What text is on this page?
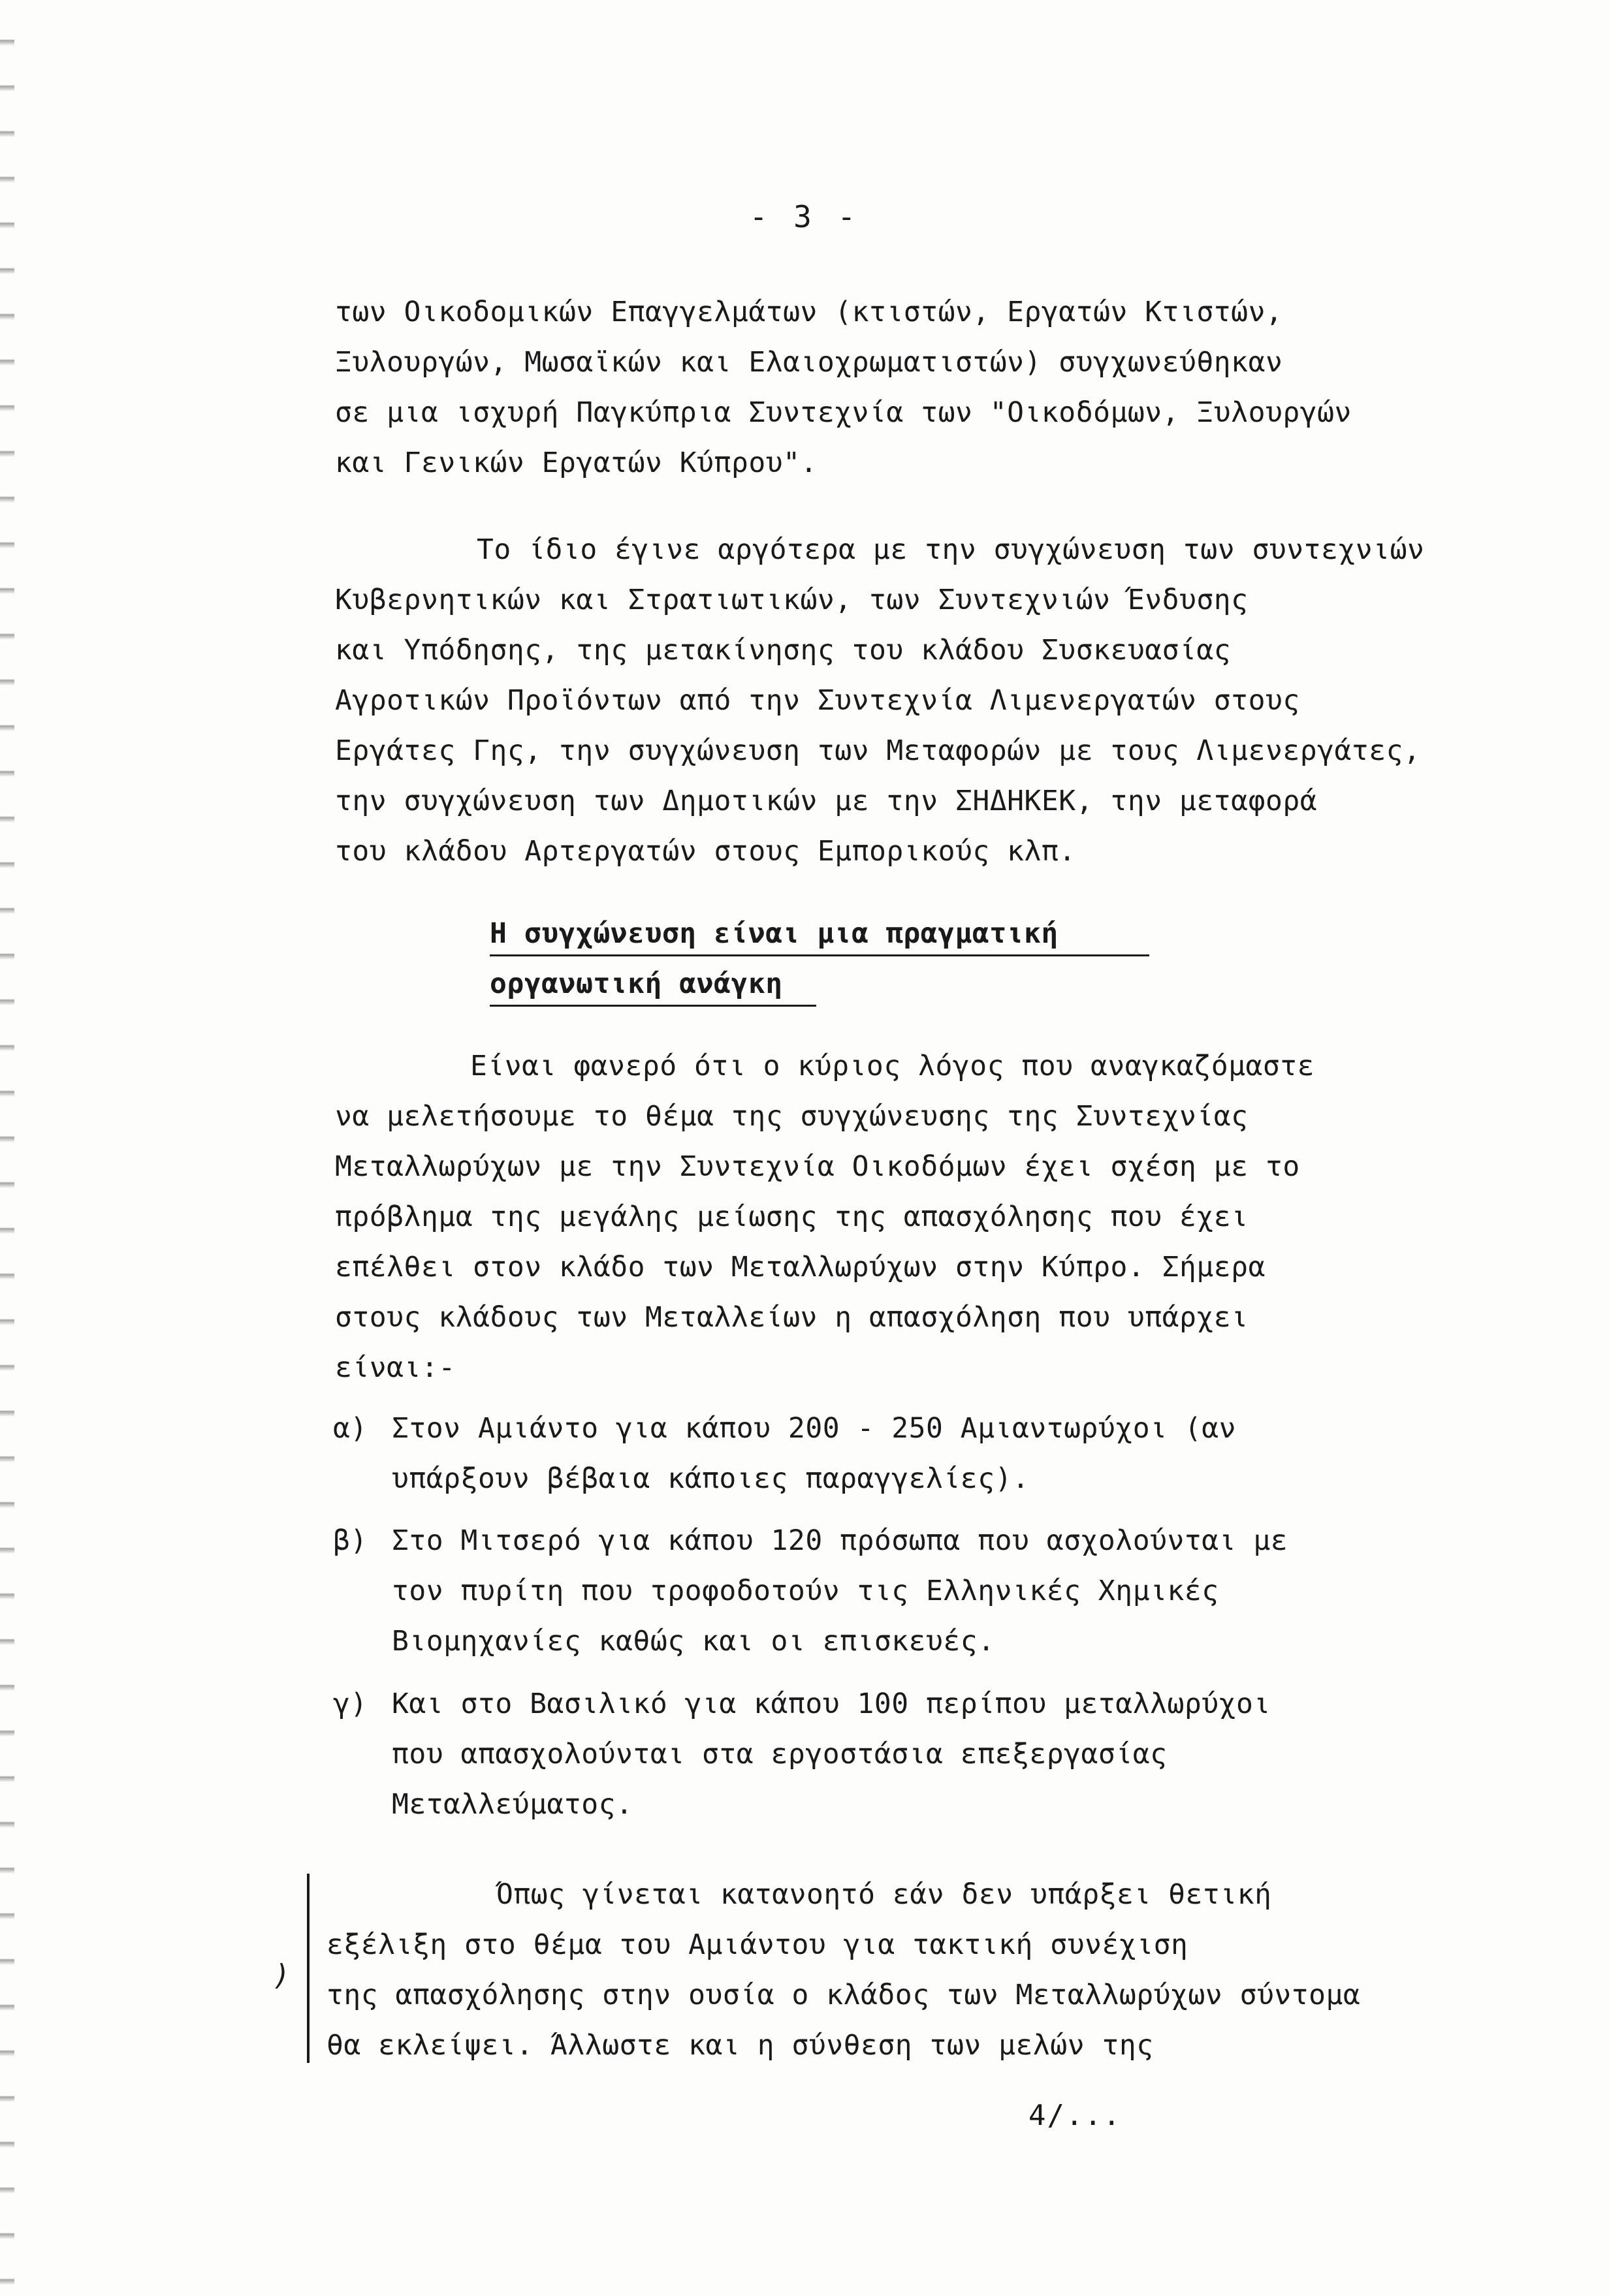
- 3 -
των Οικοδομικών Επαγγελμάτων (κτιστών, Εργατών Κτιστών,
Ξυλουργών, Μωσαϊκών και Ελαιοχρωματιστών) συγχωνεύθηκαν
σε μια ισχυρή Παγκύπρια Συντεχνία των "Οικοδόμων, Ξυλουργών
και Γενικών Εργατών Κύπρου".
Το ίδιο έγινε αργότερα με την συγχώνευση των συντεχνιών
Κυβερνητικών και Στρατιωτικών, των Συντεχνιών Ένδυσης
και Υπόδησης, της μετακίνησης του κλάδου Συσκευασίας
Αγροτικών Προϊόντων από την Συντεχνία Λιμενεργατών στους
Εργάτες Γης, την συγχώνευση των Μεταφορών με τους Λιμενεργάτες,
την συγχώνευση των Δημοτικών με την ΣΗΔΗΚΕΚ, την μεταφορά
του κλάδου Αρτεργατών στους Εμπορικούς κλπ.
Η συγχώνευση είναι μια πραγματική
οργανωτική ανάγκη
Είναι φανερό ότι ο κύριος λόγος που αναγκαζόμαστε
να μελετήσουμε το θέμα της συγχώνευσης της Συντεχνίας
Μεταλλωρύχων με την Συντεχνία Οικοδόμων έχει σχέση με το
πρόβλημα της μεγάλης μείωσης της απασχόλησης που έχει
επέλθει στον κλάδο των Μεταλλωρύχων στην Κύπρο. Σήμερα
στους κλάδους των Μεταλλείων η απασχόληση που υπάρχει
είναι:-
α) Στον Αμιάντο για κάπου 200 - 250 Αμιαντωρύχοι (αν
υπάρξουν βέβαια κάποιες παραγγελίες).
β) Στο Μιτσερό για κάπου 120 πρόσωπα που ασχολούνται με
τον πυρίτη που τροφοδοτούν τις Ελληνικές Χημικές
Βιομηχανίες καθώς και οι επισκευές.
γ) Και στο Βασιλικό για κάπου 100 περίπου μεταλλωρύχοι
που απασχολούνται στα εργοστάσια επεξεργασίας
Μεταλλεύματος.
)
Όπως γίνεται κατανοητό εάν δεν υπάρξει θετική
εξέλιξη στο θέμα του Αμιάντου για τακτική συνέχιση
της απασχόλησης στην ουσία ο κλάδος των Μεταλλωρύχων σύντομα
θα εκλείψει. Άλλωστε και η σύνθεση των μελών της
4/...
